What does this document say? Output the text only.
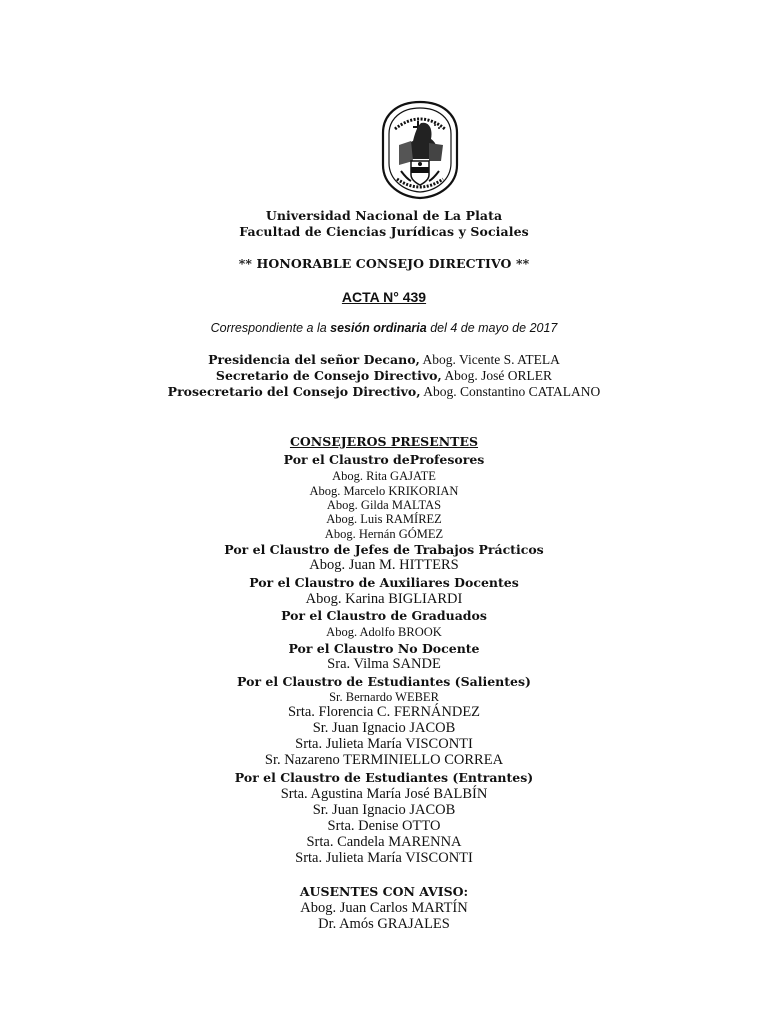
Universidad Nacional de La Plata
Facultad de Ciencias Jurídicas y Sociales
** HONORABLE CONSEJO DIRECTIVO **
ACTA N° 439
Correspondiente a la sesión ordinaria del 4 de mayo de 2017
Presidencia del señor Decano, Abog. Vicente S. ATELA
Secretario de Consejo Directivo, Abog. José ORLER
Prosecretario del Consejo Directivo, Abog. Constantino CATALANO
CONSEJEROS PRESENTES
Por el Claustro deProfesores
Abog. Rita GAJATE
Abog. Marcelo KRIKORIAN
Abog. Gilda MALTAS
Abog. Luis RAMÍREZ
Abog. Hernán GÓMEZ
Por el Claustro de Jefes de Trabajos Prácticos
Abog. Juan M. HITTERS
Por el Claustro de Auxiliares Docentes
Abog. Karina BIGLIARDI
Por el Claustro de Graduados
Abog. Adolfo BROOK
Por el Claustro No Docente
Sra. Vilma SANDE
Por el Claustro de Estudiantes (Salientes)
Sr. Bernardo WEBER
Srta. Florencia C. FERNÁNDEZ
Sr. Juan Ignacio JACOB
Srta. Julieta María VISCONTI
Sr. Nazareno TERMINIELLO CORREA
Por el Claustro de Estudiantes (Entrantes)
Srta. Agustina María José BALBÍN
Sr. Juan Ignacio JACOB
Srta. Denise OTTO
Srta. Candela MARENNA
Srta. Julieta María VISCONTI
AUSENTES CON AVISO:
Abog. Juan Carlos MARTÍN
Dr. Amós GRAJALES
